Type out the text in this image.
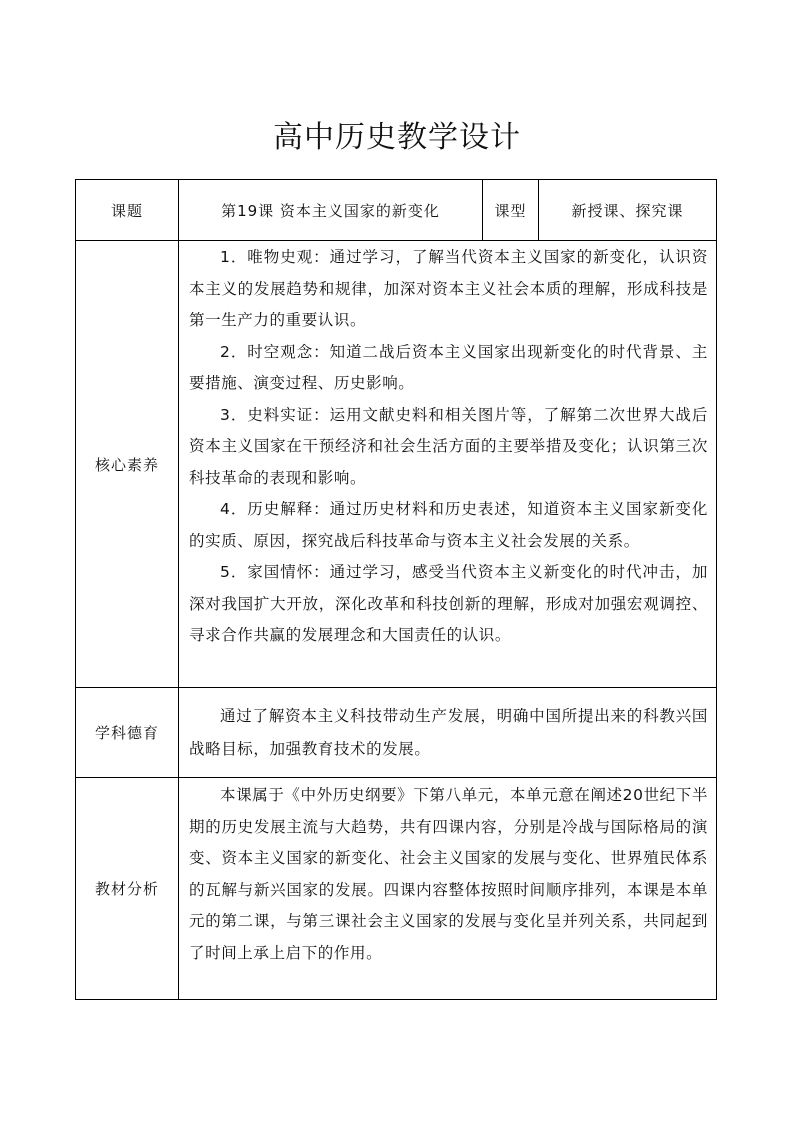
高中历史教学设计
课题	第19课 资本主义国家的新变化	课型	新授课、探究课
核心素养	1．唯物史观：通过学习，了解当代资本主义国家的新变化，认识资本主义的发展趋势和规律，加深对资本主义社会本质的理解，形成科技是第一生产力的重要认识。

2．时空观念：知道二战后资本主义国家出现新变化的时代背景、主要措施、演变过程、历史影响。

3．史料实证：运用文献史料和相关图片等，了解第二次世界大战后资本主义国家在干预经济和社会生活方面的主要举措及变化；认识第三次科技革命的表现和影响。

4．历史解释：通过历史材料和历史表述，知道资本主义国家新变化的实质、原因，探究战后科技革命与资本主义社会发展的关系。

5．家国情怀：通过学习，感受当代资本主义新变化的时代冲击，加深对我国扩大开放，深化改革和科技创新的理解，形成对加强宏观调控、寻求合作共赢的发展理念和大国责任的认识。		

学科德育	通过了解资本主义科技带动生产发展，明确中国所提出来的科教兴国战略目标，加强教育技术的发展。		

教材分析	本课属于《中外历史纲要》下第八单元，本单元意在阐述20世纪下半期的历史发展主流与大趋势，共有四课内容，分别是冷战与国际格局的演变、资本主义国家的新变化、社会主义国家的发展与变化、世界殖民体系的瓦解与新兴国家的发展。四课内容整体按照时间顺序排列，本课是本单元的第二课，与第三课社会主义国家的发展与变化呈并列关系，共同起到了时间上承上启下的作用。		
